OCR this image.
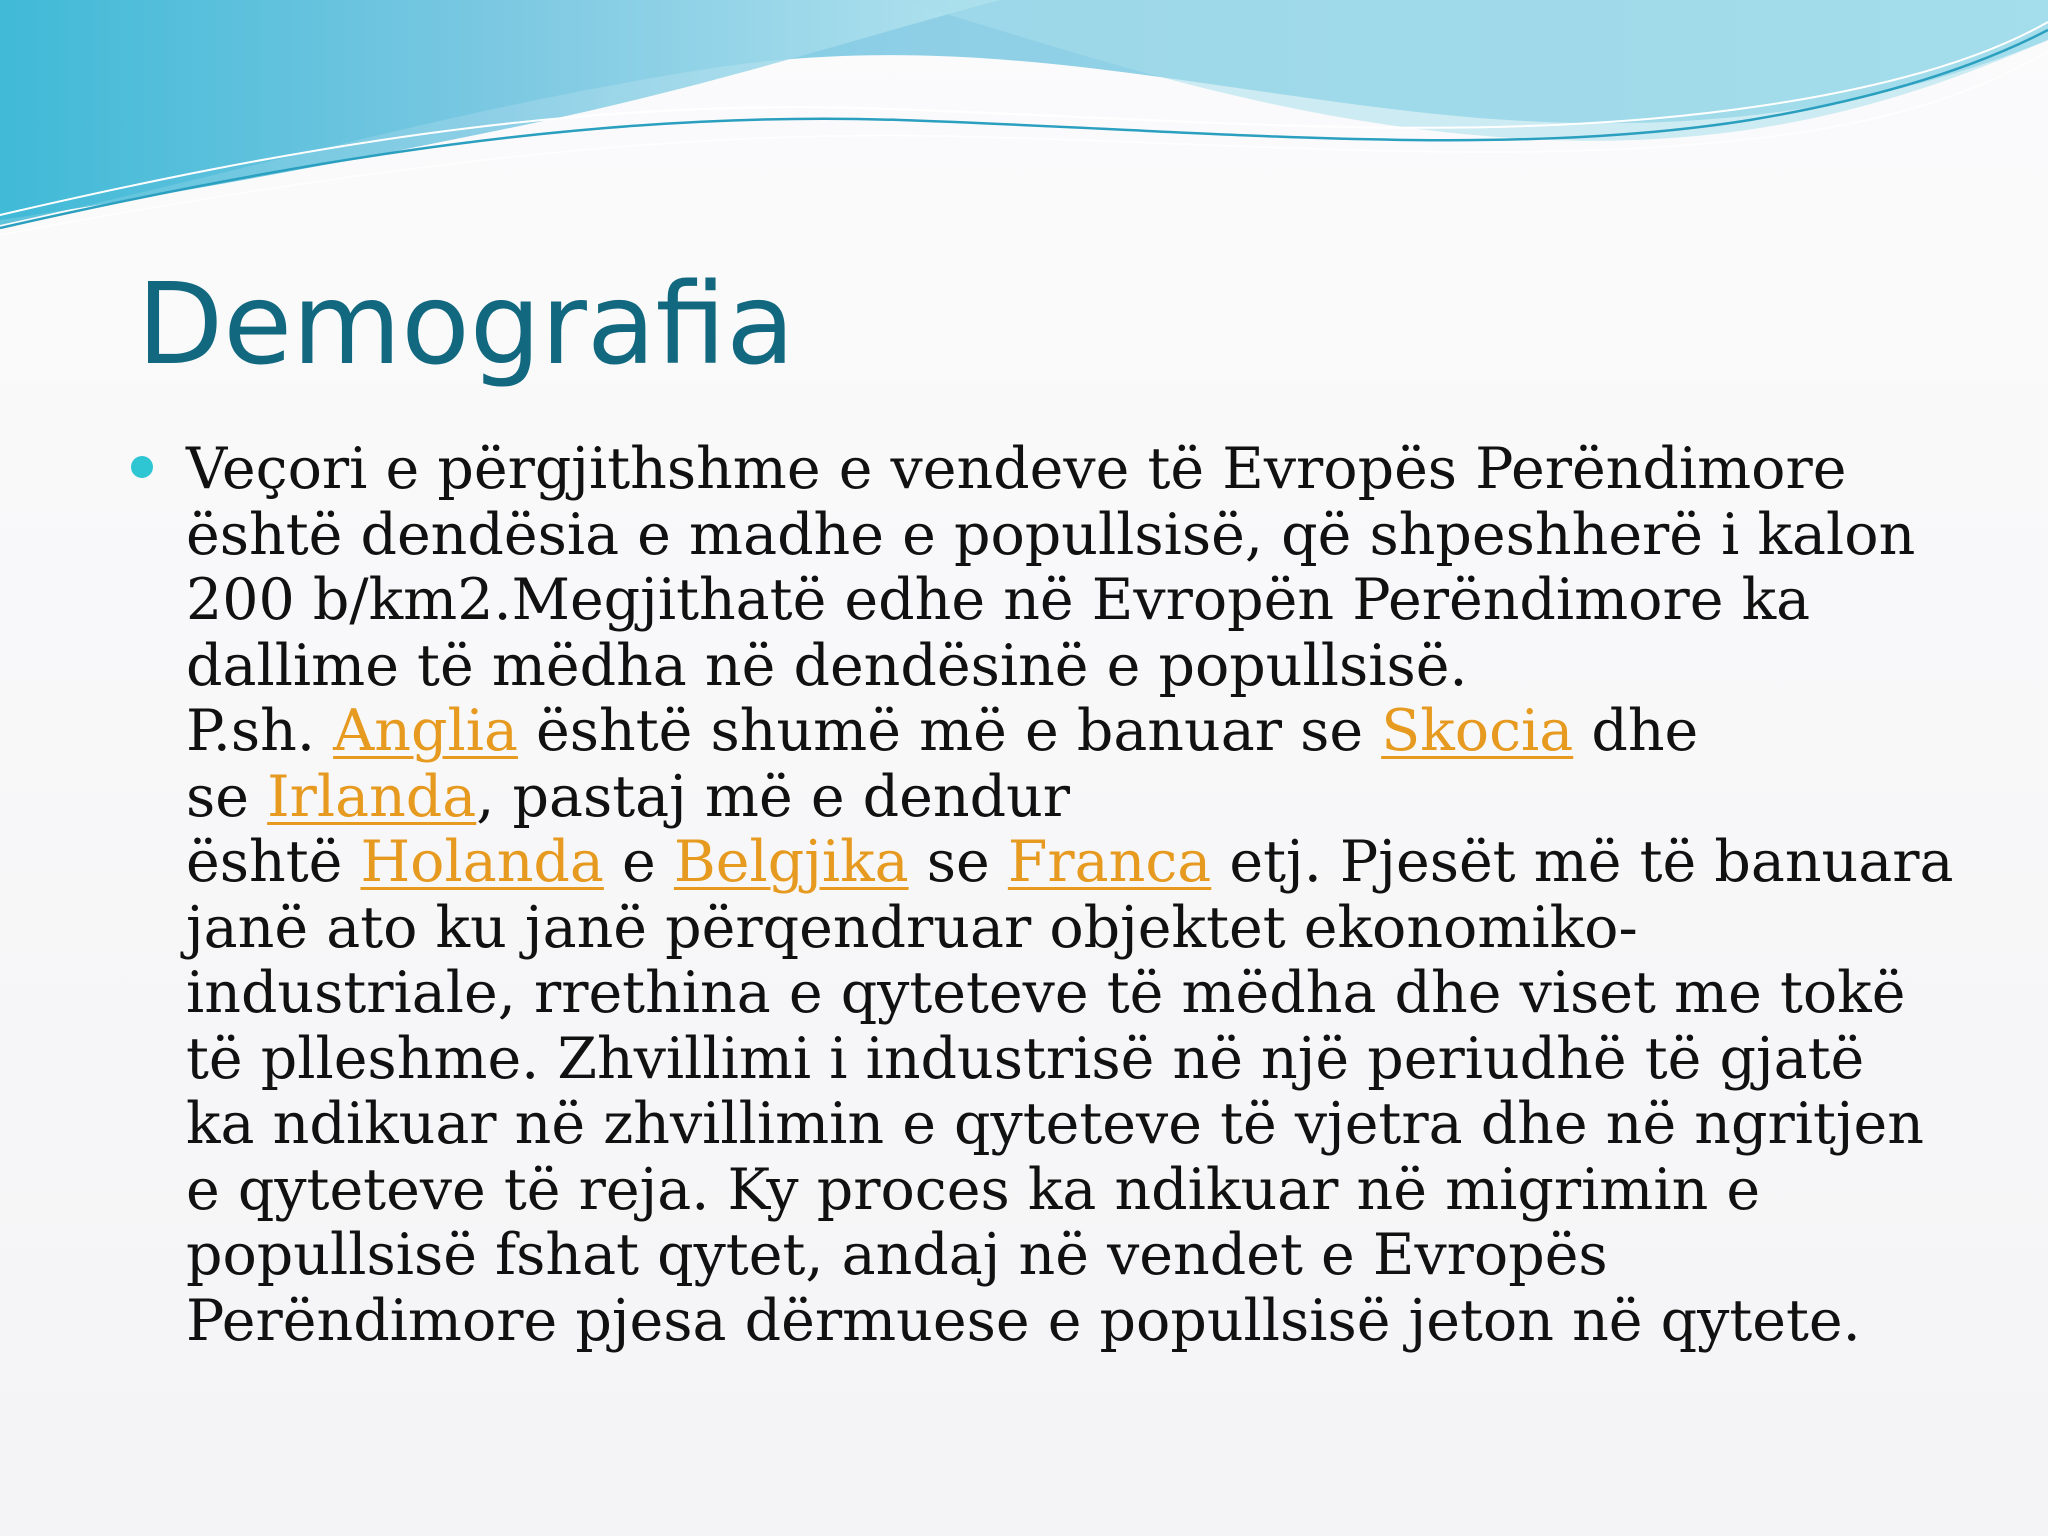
Demografia
Veçori e përgjithshme e vendeve të Evropës Perëndimore
është dendësia e madhe e popullsisë, që shpeshherë i kalon
200 b/km2.Megjithatë edhe në Evropën Perëndimore ka
dallime të mëdha në dendësinë e popullsisë.
P.sh. Anglia është shumë më e banuar se Skocia dhe
se Irlanda, pastaj më e dendur
është Holanda e Belgjika se Franca etj. Pjesët më të banuara
janë ato ku janë përqendruar objektet ekonomiko-
industriale, rrethina e qyteteve të mëdha dhe viset me tokë
të plleshme. Zhvillimi i industrisë në një periudhë të gjatë
ka ndikuar në zhvillimin e qyteteve të vjetra dhe në ngritjen
e qyteteve të reja. Ky proces ka ndikuar në migrimin e
popullsisë fshat qytet, andaj në vendet e Evropës
Perëndimore pjesa dërmuese e popullsisë jeton në qytete.
